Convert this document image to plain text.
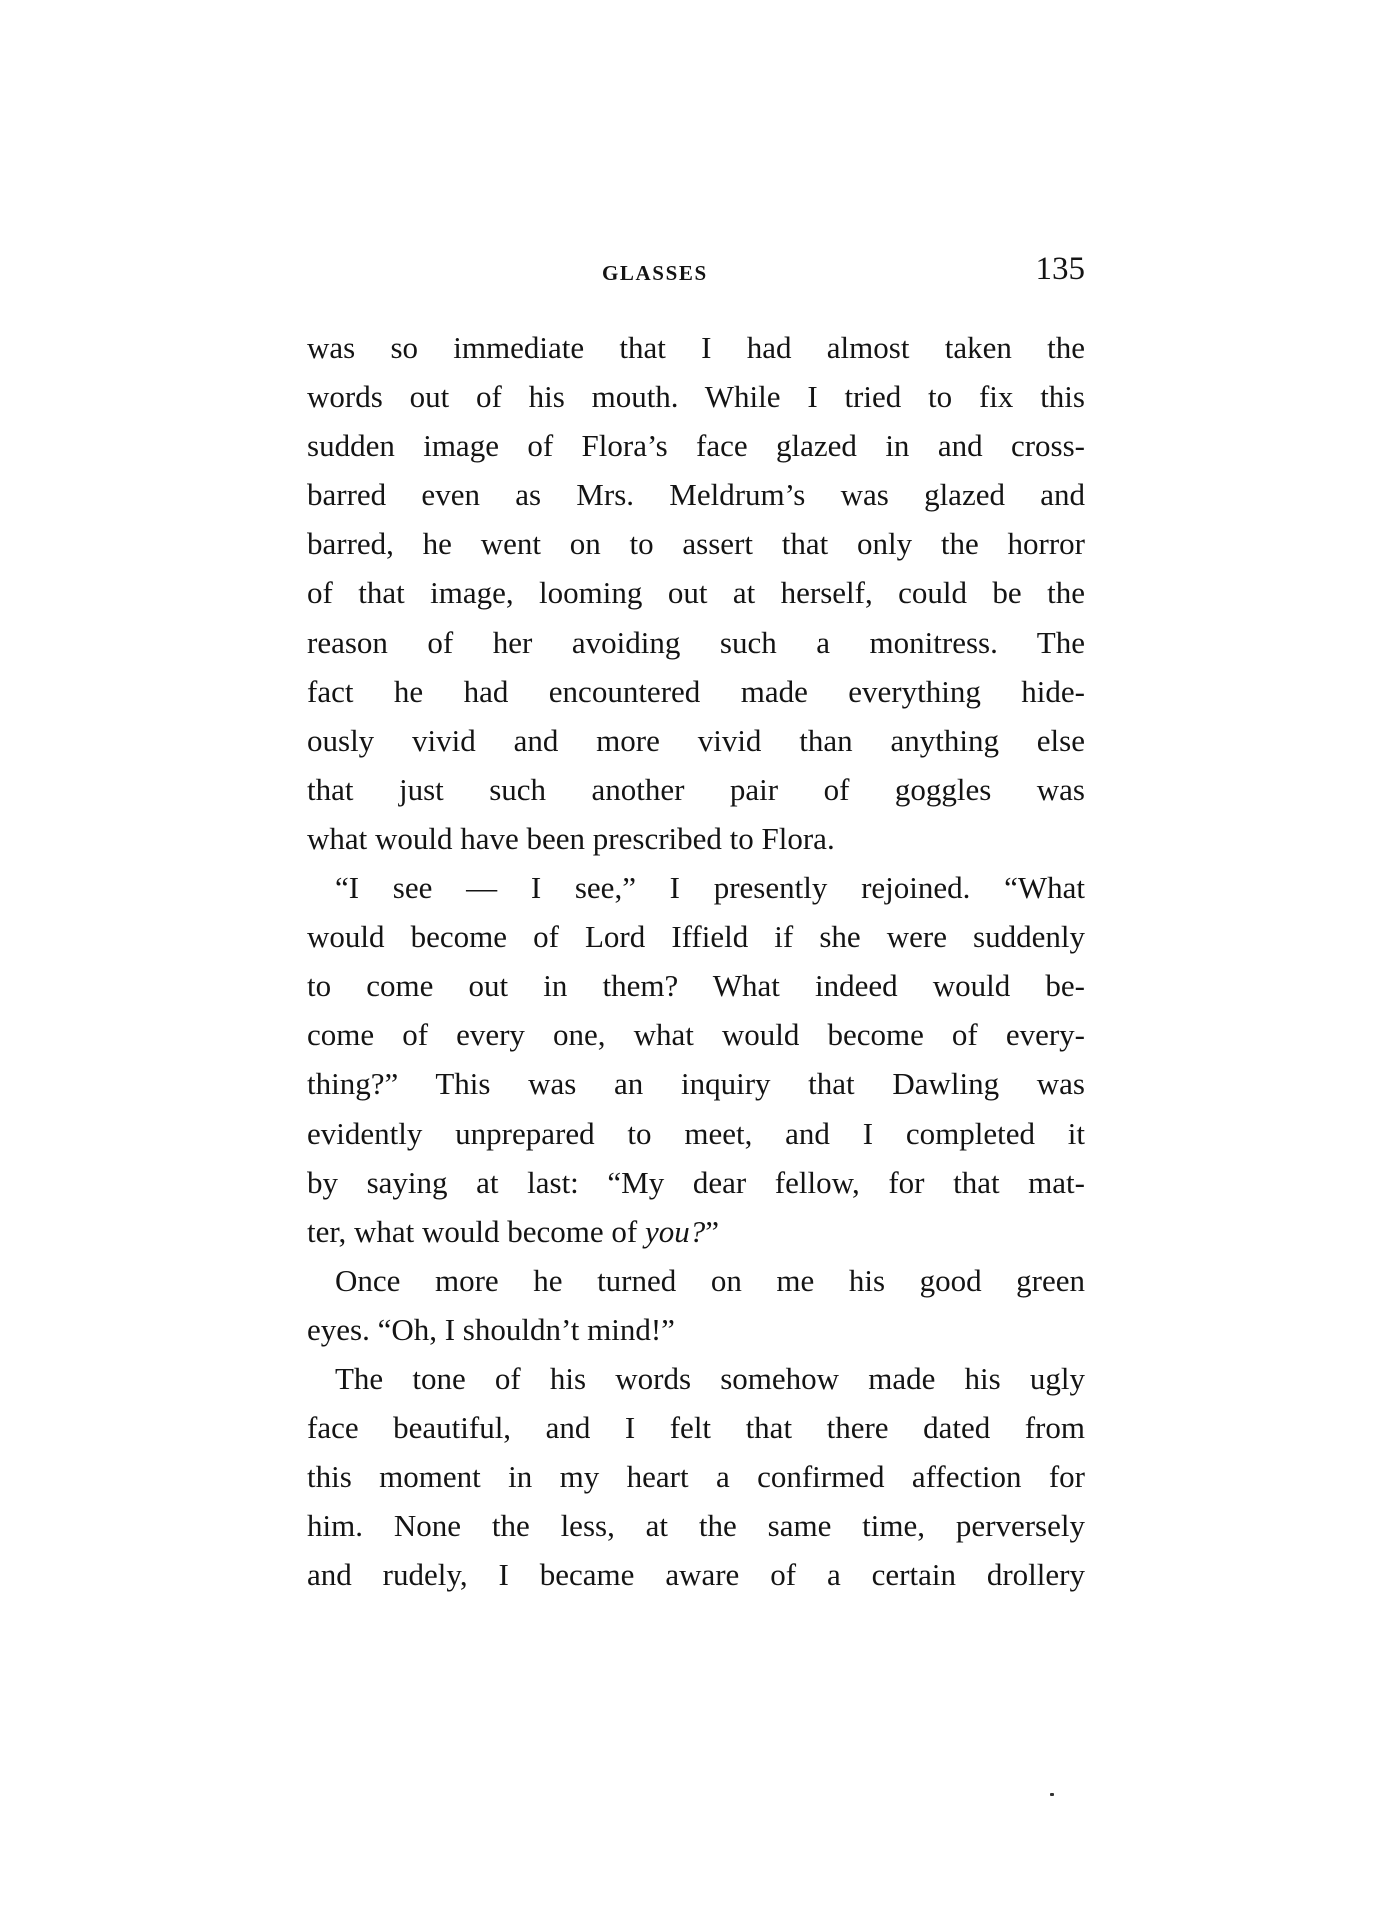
GLASSES	135
was so immediate that I had almost taken the
words out of his mouth. While I tried to fix this
sudden image of Flora’s face glazed in and cross-
barred even as Mrs. Meldrum’s was glazed and
barred, he went on to assert that only the horror
of that image, looming out at herself, could be the
reason of her avoiding such a monitress. The
fact he had encountered made everything hide-
ously vivid and more vivid than anything else
that just such another pair of goggles was
what would have been prescribed to Flora.
“I see — I see,” I presently rejoined. “What
would become of Lord Iffield if she were suddenly
to come out in them? What indeed would be-
come of every one, what would become of every-
thing?” This was an inquiry that Dawling was
evidently unprepared to meet, and I completed it
by saying at last: “My dear fellow, for that mat-
ter, what would become of you?”
Once more he turned on me his good green
eyes. “Oh, I shouldn’t mind!”
The tone of his words somehow made his ugly
face beautiful, and I felt that there dated from
this moment in my heart a confirmed affection for
him. None the less, at the same time, perversely
and rudely, I became aware of a certain drollery
